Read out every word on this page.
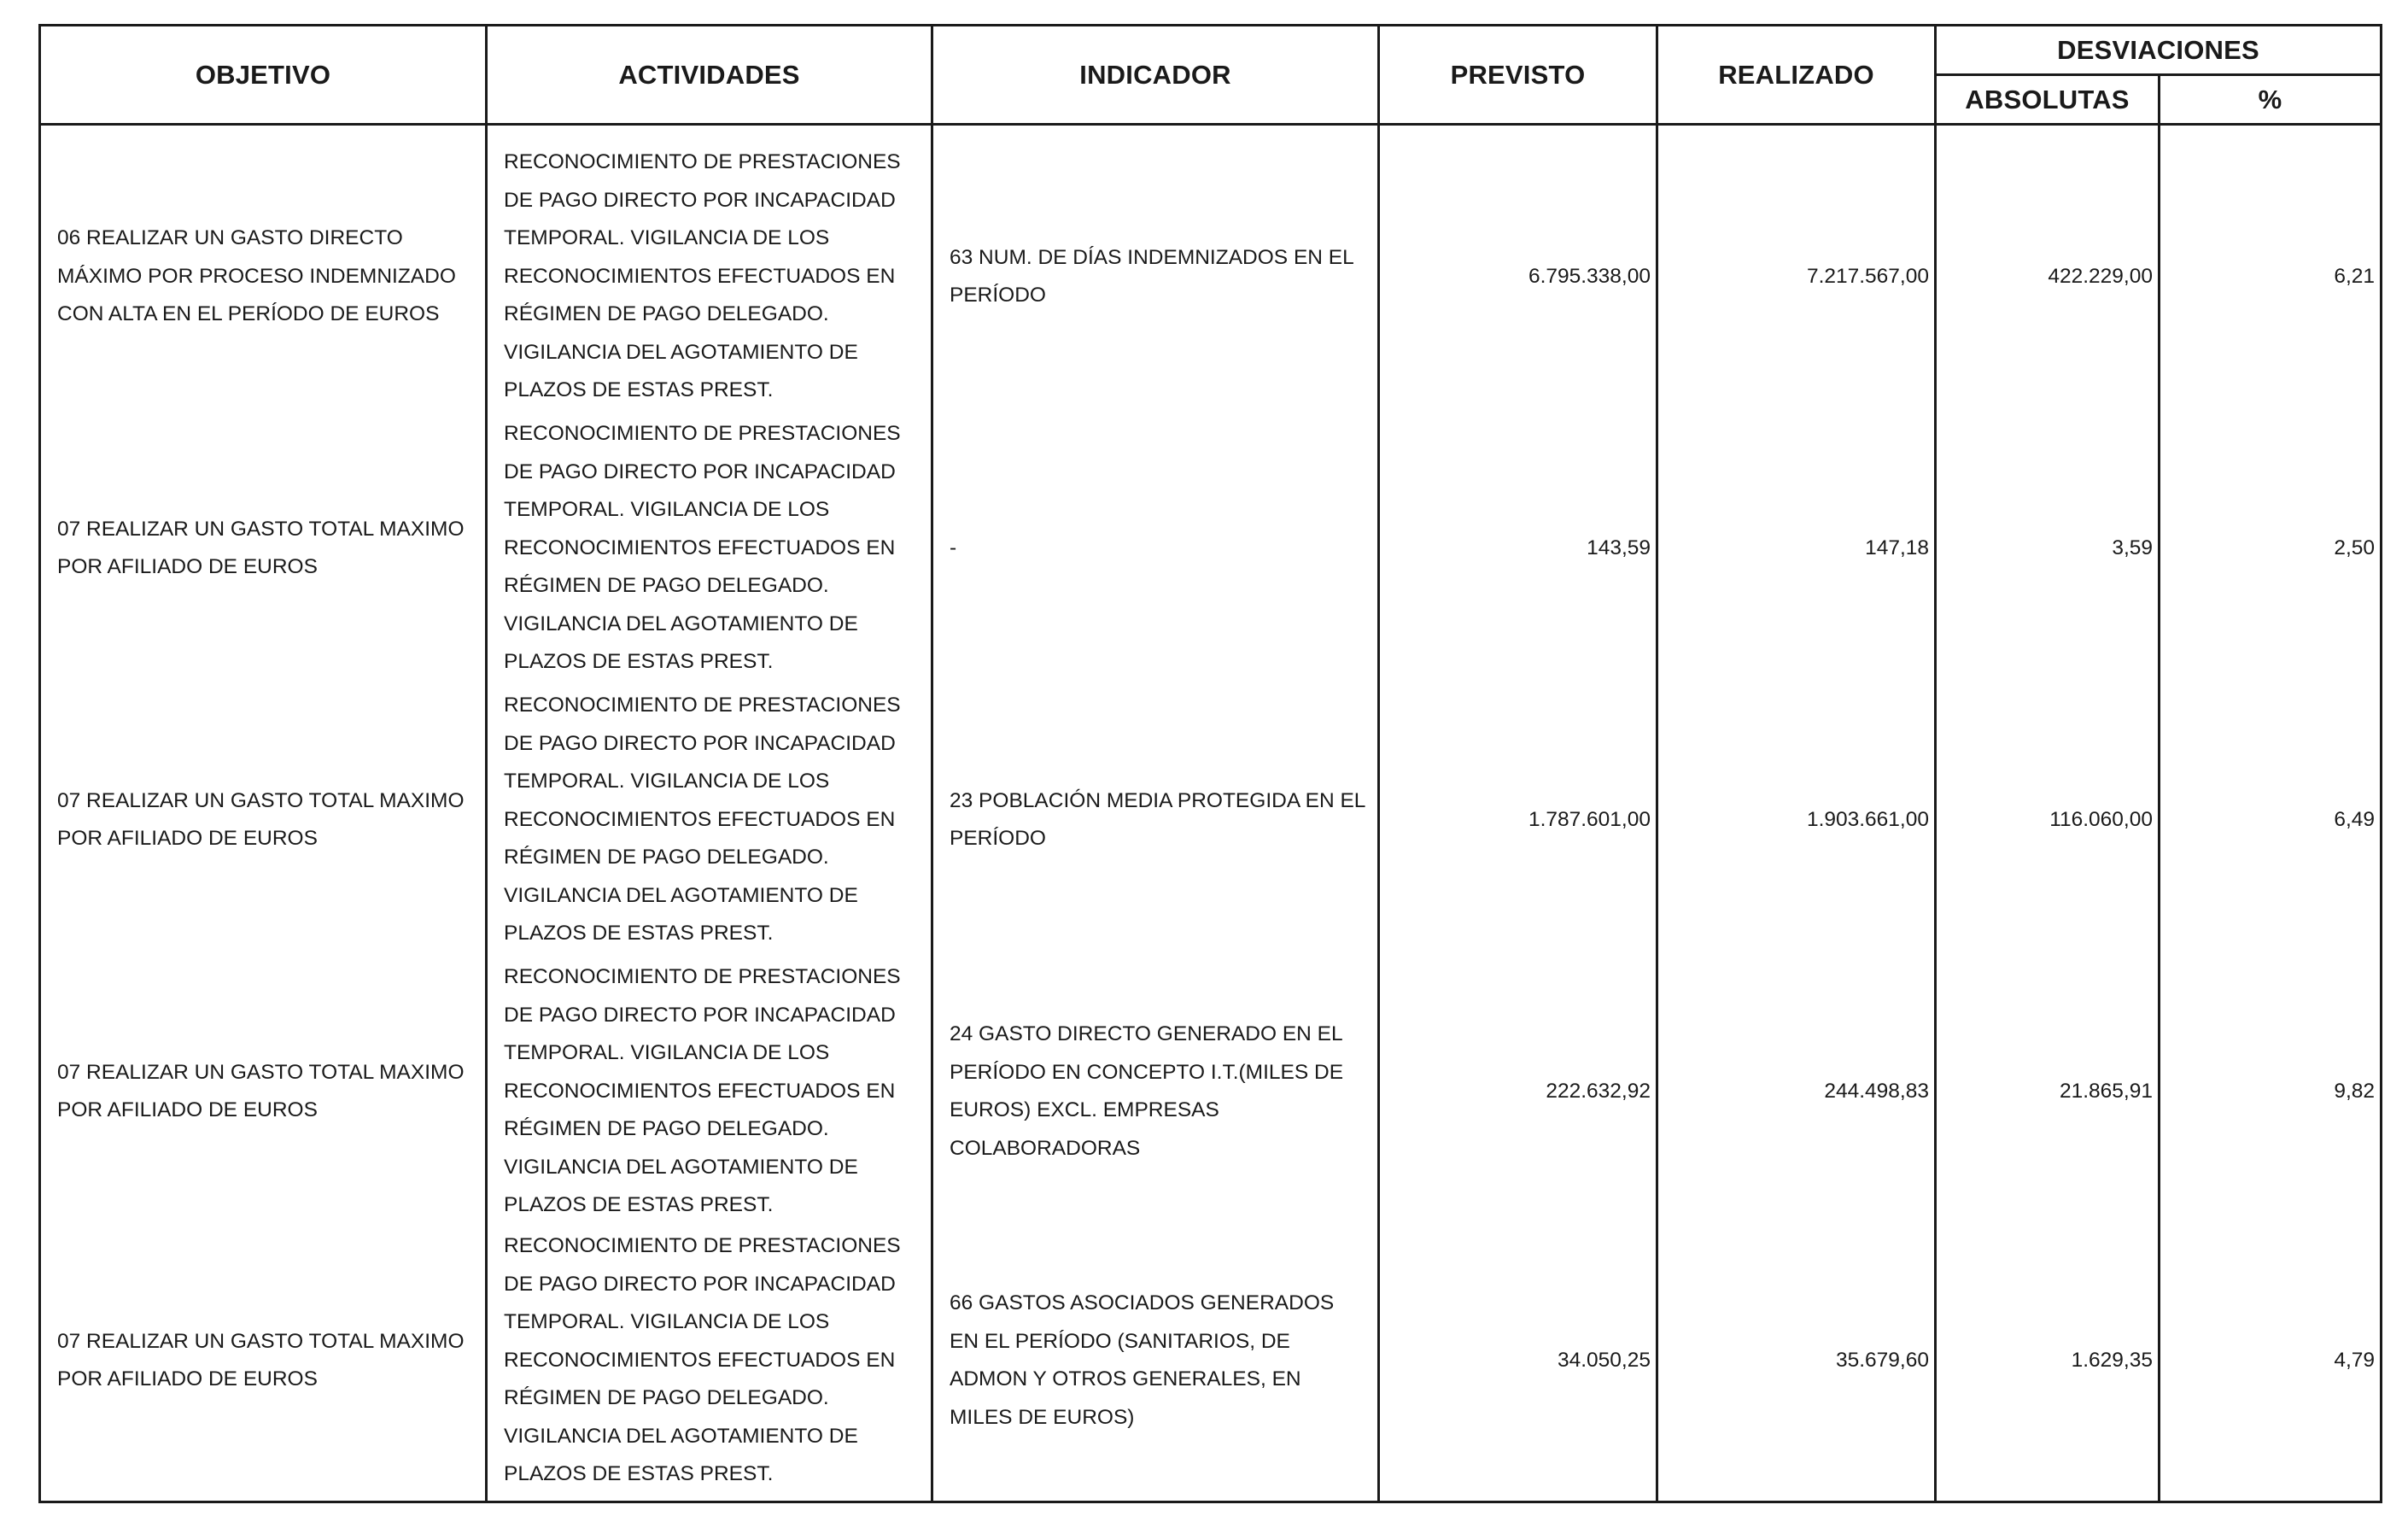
OBJETIVO	ACTIVIDADES	INDICADOR	PREVISTO	REALIZADO	DESVIACIONES	
					ABSOLUTAS	%
06 REALIZAR UN GASTO DIRECTO MÁXIMO POR PROCESO INDEMNIZADO CON ALTA EN EL PERÍODO DE EUROS	RECONOCIMIENTO DE PRESTACIONES DE PAGO DIRECTO POR INCAPACIDAD TEMPORAL. VIGILANCIA DE LOS RECONOCIMIENTOS EFECTUADOS EN RÉGIMEN DE PAGO DELEGADO. VIGILANCIA DEL AGOTAMIENTO DE PLAZOS DE ESTAS PREST.	63 NUM. DE DÍAS INDEMNIZADOS EN EL PERÍODO	6.795.338,00	7.217.567,00	422.229,00	6,21
07 REALIZAR UN GASTO TOTAL MAXIMO POR AFILIADO DE EUROS	RECONOCIMIENTO DE PRESTACIONES DE PAGO DIRECTO POR INCAPACIDAD TEMPORAL. VIGILANCIA DE LOS RECONOCIMIENTOS EFECTUADOS EN RÉGIMEN DE PAGO DELEGADO. VIGILANCIA DEL AGOTAMIENTO DE PLAZOS DE ESTAS PREST.	-	143,59	147,18	3,59	2,50
07 REALIZAR UN GASTO TOTAL MAXIMO POR AFILIADO DE EUROS	RECONOCIMIENTO DE PRESTACIONES DE PAGO DIRECTO POR INCAPACIDAD TEMPORAL. VIGILANCIA DE LOS RECONOCIMIENTOS EFECTUADOS EN RÉGIMEN DE PAGO DELEGADO. VIGILANCIA DEL AGOTAMIENTO DE PLAZOS DE ESTAS PREST.	23 POBLACIÓN MEDIA PROTEGIDA EN EL PERÍODO	1.787.601,00	1.903.661,00	116.060,00	6,49
07 REALIZAR UN GASTO TOTAL MAXIMO POR AFILIADO DE EUROS	RECONOCIMIENTO DE PRESTACIONES DE PAGO DIRECTO POR INCAPACIDAD TEMPORAL. VIGILANCIA DE LOS RECONOCIMIENTOS EFECTUADOS EN RÉGIMEN DE PAGO DELEGADO. VIGILANCIA DEL AGOTAMIENTO DE PLAZOS DE ESTAS PREST.	24 GASTO DIRECTO GENERADO EN EL PERÍODO EN CONCEPTO I.T.(MILES DE EUROS) EXCL. EMPRESAS COLABORADORAS	222.632,92	244.498,83	21.865,91	9,82
07 REALIZAR UN GASTO TOTAL MAXIMO POR AFILIADO DE EUROS	RECONOCIMIENTO DE PRESTACIONES DE PAGO DIRECTO POR INCAPACIDAD TEMPORAL. VIGILANCIA DE LOS RECONOCIMIENTOS EFECTUADOS EN RÉGIMEN DE PAGO DELEGADO. VIGILANCIA DEL AGOTAMIENTO DE PLAZOS DE ESTAS PREST.	66 GASTOS ASOCIADOS GENERADOS EN EL PERÍODO (SANITARIOS, DE ADMON Y OTROS GENERALES, EN MILES DE EUROS)	34.050,25	35.679,60	1.629,35	4,79
